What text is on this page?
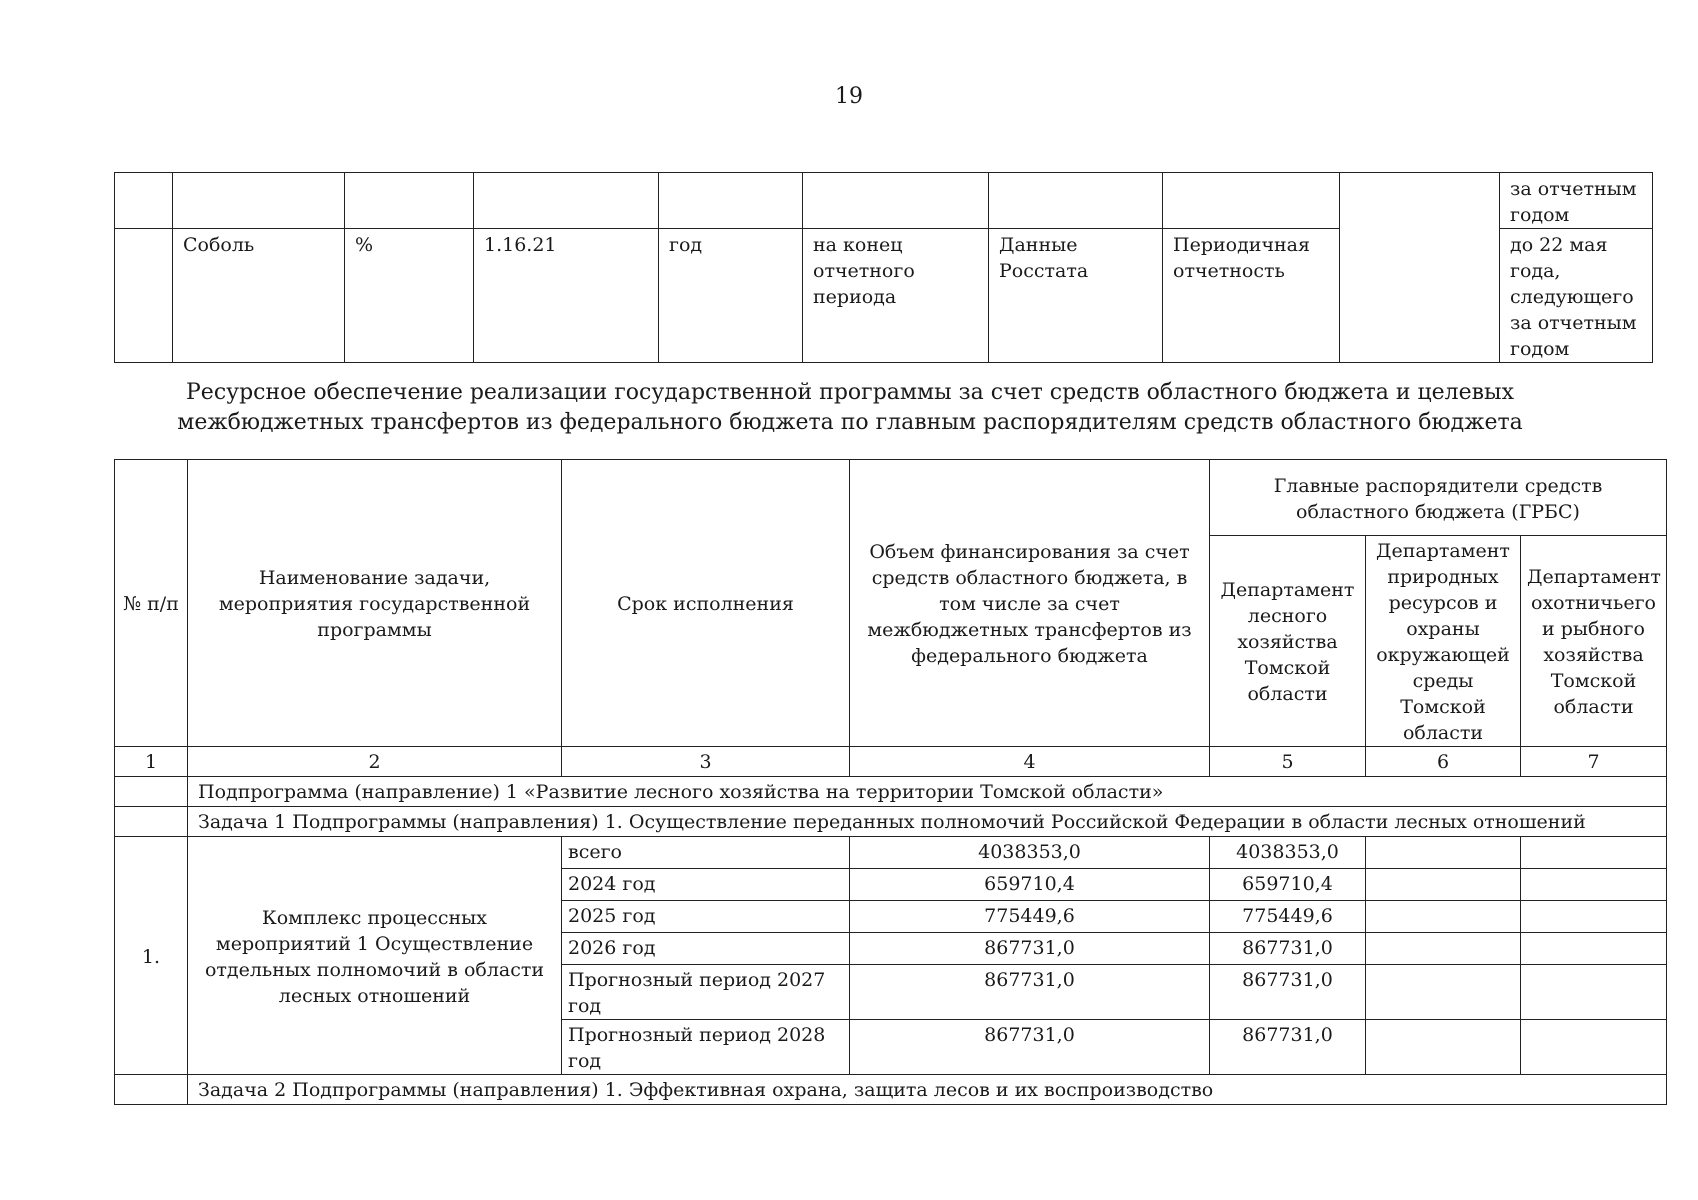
19
									за отчетным годом
	Соболь	%	1.16.21	год	на конец отчетного периода	Данные Росстата	Периодичная отчетность		до 22 мая года, следующего за отчетным годом
Ресурсное обеспечение реализации государственной программы за счет средств областного бюджета и целевых межбюджетных трансфертов из федерального бюджета по главным распорядителям средств областного бюджета
№ п/п	Наименование задачи, мероприятия государственной программы	Срок исполнения	Объем финансирования за счет средств областного бюджета, в том числе за счет межбюджетных трансфертов из федерального бюджета	Главные распорядители средств областного бюджета (ГРБС)		
				Департамент лесного хозяйства Томской области	Департамент природных ресурсов и охраны окружающей среды Томской области	Департамент охотничьего и рыбного хозяйства Томской области
1	2	3	4	5	6	7
	Подпрограмма (направление) 1 «Развитие лесного хозяйства на территории Томской области»					
	Задача 1 Подпрограммы (направления) 1. Осуществление переданных полномочий Российской Федерации в области лесных отношений					
1.	Комплекс процессных мероприятий 1 Осуществление отдельных полномочий в области лесных отношений	всего	4038353,0	4038353,0		
		2024 год	659710,4	659710,4		
		2025 год	775449,6	775449,6		
		2026 год	867731,0	867731,0		
		Прогнозный период 2027 год	867731,0	867731,0		
		Прогнозный период 2028 год	867731,0	867731,0		
	Задача 2 Подпрограммы (направления) 1. Эффективная охрана, защита лесов и их воспроизводство					
